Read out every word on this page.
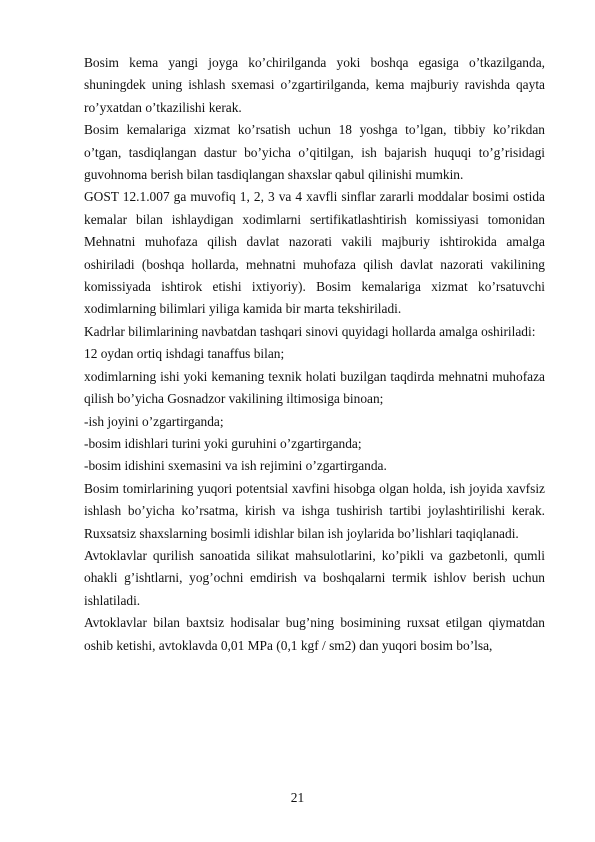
Bosim kema yangi joyga ko’chirilganda yoki boshqa egasiga o’tkazilganda, shuningdek uning ishlash sxemasi o’zgartirilganda, kema majburiy ravishda qayta ro’yxatdan o’tkazilishi kerak.

Bosim kemalariga xizmat ko’rsatish uchun 18 yoshga to’lgan, tibbiy ko’rikdan o’tgan, tasdiqlangan dastur bo’yicha o’qitilgan, ish bajarish huquqi to’g’risidagi guvohnoma berish bilan tasdiqlangan shaxslar qabul qilinishi mumkin.

GOST 12.1.007 ga muvofiq 1, 2, 3 va 4 xavfli sinflar zararli moddalar bosimi ostida kemalar bilan ishlaydigan xodimlarni sertifikatlashtirish komissiyasi tomonidan Mehnatni muhofaza qilish davlat nazorati vakili majburiy ishtirokida amalga oshiriladi (boshqa hollarda, mehnatni muhofaza qilish davlat nazorati vakilining komissiyada ishtirok etishi ixtiyoriy). Bosim kemalariga xizmat ko’rsatuvchi xodimlarning bilimlari yiliga kamida bir marta tekshiriladi.

Kadrlar bilimlarining navbatdan tashqari sinovi quyidagi hollarda amalga oshiriladi:

12 oydan ortiq ishdagi tanaffus bilan;

xodimlarning ishi yoki kemaning texnik holati buzilgan taqdirda mehnatni muhofaza qilish bo’yicha Gosnadzor vakilining iltimosiga binoan;

-ish joyini o’zgartirganda;

-bosim idishlari turini yoki guruhini o’zgartirganda;

-bosim idishini sxemasini va ish rejimini o’zgartirganda.

Bosim tomirlarining yuqori potentsial xavfini hisobga olgan holda, ish joyida xavfsiz ishlash bo’yicha ko’rsatma, kirish va ishga tushirish tartibi joylashtirilishi kerak. Ruxsatsiz shaxslarning bosimli idishlar bilan ish joylarida bo’lishlari taqiqlanadi.

Avtoklavlar qurilish sanoatida silikat mahsulotlarini, ko’pikli va gazbetonli, qumli ohakli g’ishtlarni, yog’ochni emdirish va boshqalarni termik ishlov berish uchun ishlatiladi.

Avtoklavlar bilan baxtsiz hodisalar bug’ning bosimining ruxsat etilgan qiymatdan oshib ketishi, avtoklavda 0,01 MPa (0,1 kgf / sm2) dan yuqori bosim bo’lsa,

21
